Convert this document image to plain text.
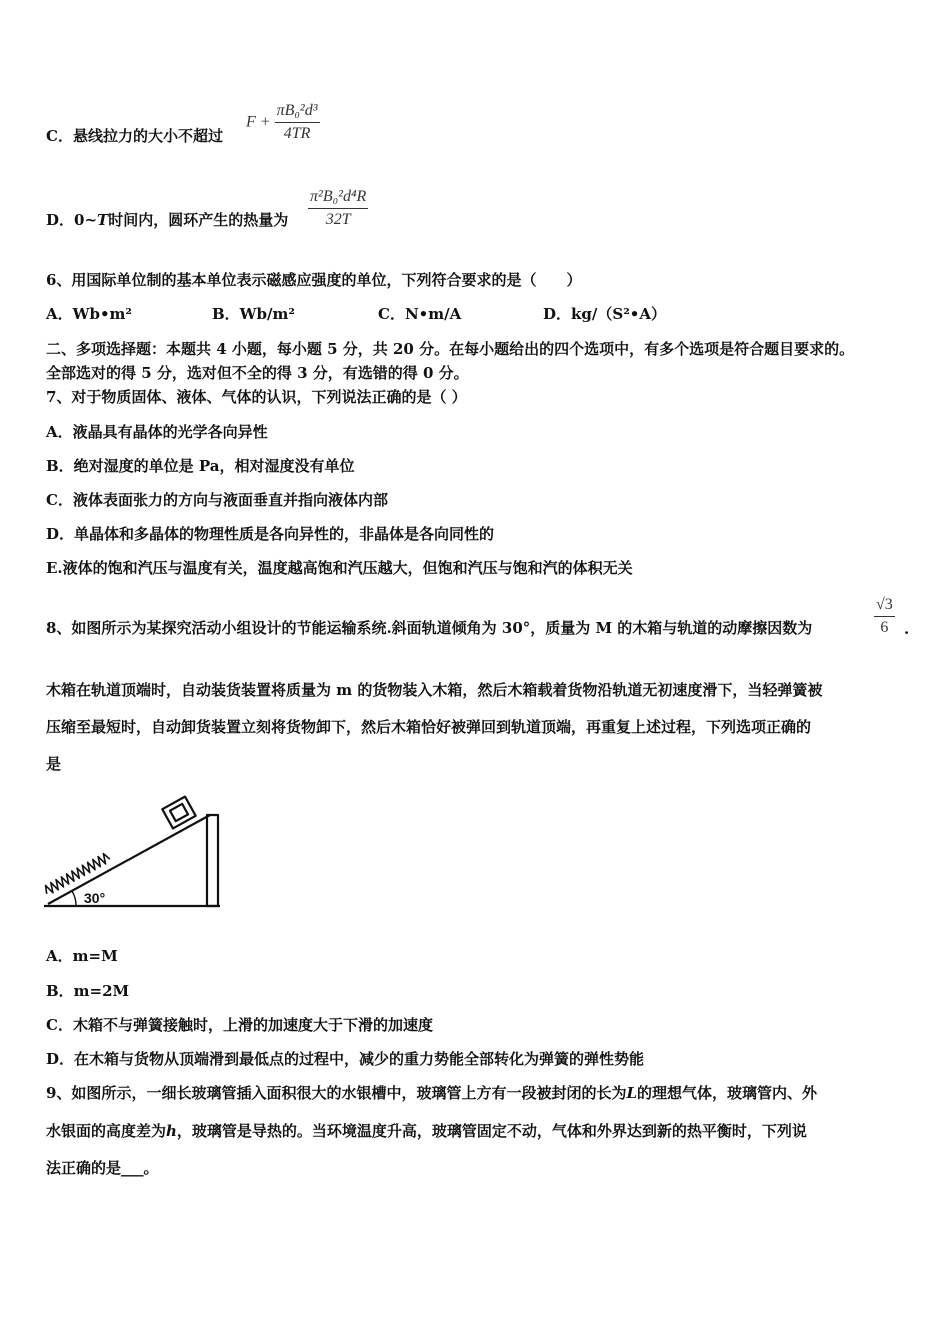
C．悬线拉力的大小不超过
$F + \frac{\text{πB₀²d³}}{4TR}$
D．0~T时间内，圆环产生的热量为 $\frac{\text{π²B₀²d⁴R}}{32T}$
6、用国际单位制的基本单位表示磁感应强度的单位，下列符合要求的是（　　）
A．Wb•m²	B．Wb/m²	C．N•m/A	D．kg/（S²•A）
二、多项选择题：本题共 4 小题，每小题 5 分，共 20 分。在每小题给出的四个选项中，有多个选项是符合题目要求的。
全部选对的得 5 分，选对但不全的得 3 分，有选错的得 0 分。
7、对于物质固体、液体、气体的认识，下列说法正确的是（ ）
A．液晶具有晶体的光学各向异性
B．绝对湿度的单位是 Pa，相对湿度没有单位
C．液体表面张力的方向与液面垂直并指向液体内部
D．单晶体和多晶体的物理性质是各向异性的，非晶体是各向同性的
E.液体的饱和汽压与温度有关，温度越高饱和汽压越大，但饱和汽压与饱和汽的体积无关
8、如图所示为某探究活动小组设计的节能运输系统.斜面轨道倾角为 30°，质量为 M 的木箱与轨道的动摩擦因数为	$\frac{√3}{6}$ .
木箱在轨道顶端时，自动装货装置将质量为 m 的货物装入木箱，然后木箱载着货物沿轨道无初速度滑下，当轻弹簧被
压缩至最短时，自动卸货装置立刻将货物卸下，然后木箱恰好被弹回到轨道顶端，再重复上述过程，下列选项正确的
是
30°
A．m=M
B．m=2M
C．木箱不与弹簧接触时，上滑的加速度大于下滑的加速度
D．在木箱与货物从顶端滑到最低点的过程中，减少的重力势能全部转化为弹簧的弹性势能
9、如图所示，一细长玻璃管插入面积很大的水银槽中，玻璃管上方有一段被封闭的长为L的理想气体，玻璃管内、外
水银面的高度差为h，玻璃管是导热的。当环境温度升高，玻璃管固定不动，气体和外界达到新的热平衡时，下列说
法正确的是___。
